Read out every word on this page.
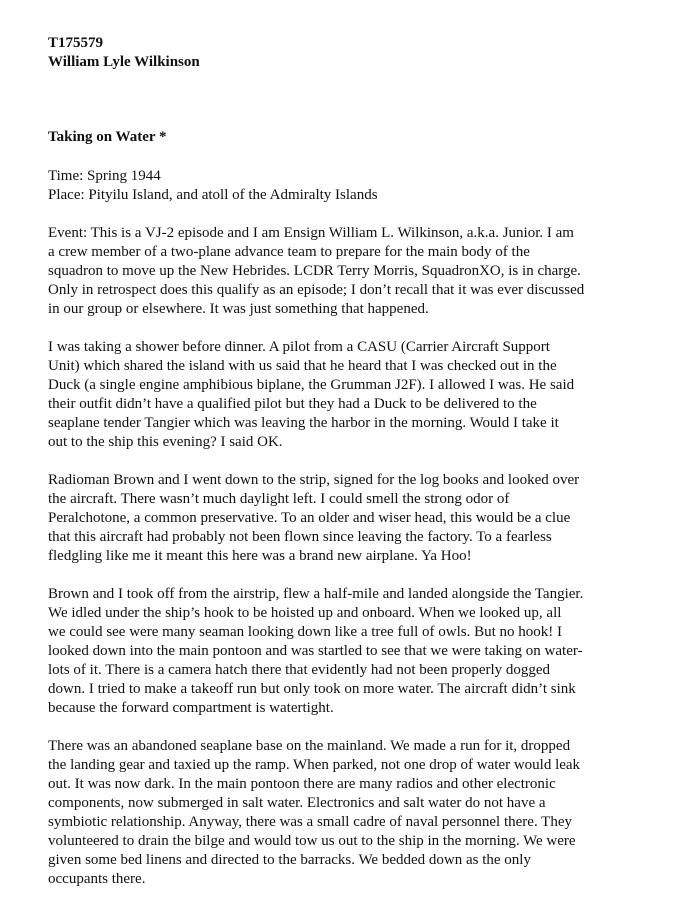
T175579
William Lyle Wilkinson
Taking on Water *
Time: Spring 1944
Place: Pityilu Island, and atoll of the Admiralty Islands
Event: This is a VJ-2 episode and I am Ensign William L. Wilkinson, a.k.a. Junior. I am
a crew member of a two-plane advance team to prepare for the main body of the
squadron to move up the New Hebrides. LCDR Terry Morris, SquadronXO, is in charge.
Only in retrospect does this qualify as an episode; I don’t recall that it was ever discussed
in our group or elsewhere. It was just something that happened.
I was taking a shower before dinner. A pilot from a CASU (Carrier Aircraft Support
Unit) which shared the island with us said that he heard that I was checked out in the
Duck (a single engine amphibious biplane, the Grumman J2F). I allowed I was. He said
their outfit didn’t have a qualified pilot but they had a Duck to be delivered to the
seaplane tender Tangier which was leaving the harbor in the morning. Would I take it
out to the ship this evening? I said OK.
Radioman Brown and I went down to the strip, signed for the log books and looked over
the aircraft. There wasn’t much daylight left. I could smell the strong odor of
Peralchotone, a common preservative. To an older and wiser head, this would be a clue
that this aircraft had probably not been flown since leaving the factory. To a fearless
fledgling like me it meant this here was a brand new airplane. Ya Hoo!
Brown and I took off from the airstrip, flew a half-mile and landed alongside the Tangier.
We idled under the ship’s hook to be hoisted up and onboard. When we looked up, all
we could see were many seaman looking down like a tree full of owls. But no hook! I
looked down into the main pontoon and was startled to see that we were taking on water-
lots of it. There is a camera hatch there that evidently had not been properly dogged
down. I tried to make a takeoff run but only took on more water. The aircraft didn’t sink
because the forward compartment is watertight.
There was an abandoned seaplane base on the mainland. We made a run for it, dropped
the landing gear and taxied up the ramp. When parked, not one drop of water would leak
out. It was now dark. In the main pontoon there are many radios and other electronic
components, now submerged in salt water. Electronics and salt water do not have a
symbiotic relationship. Anyway, there was a small cadre of naval personnel there. They
volunteered to drain the bilge and would tow us out to the ship in the morning. We were
given some bed linens and directed to the barracks. We bedded down as the only
occupants there.
